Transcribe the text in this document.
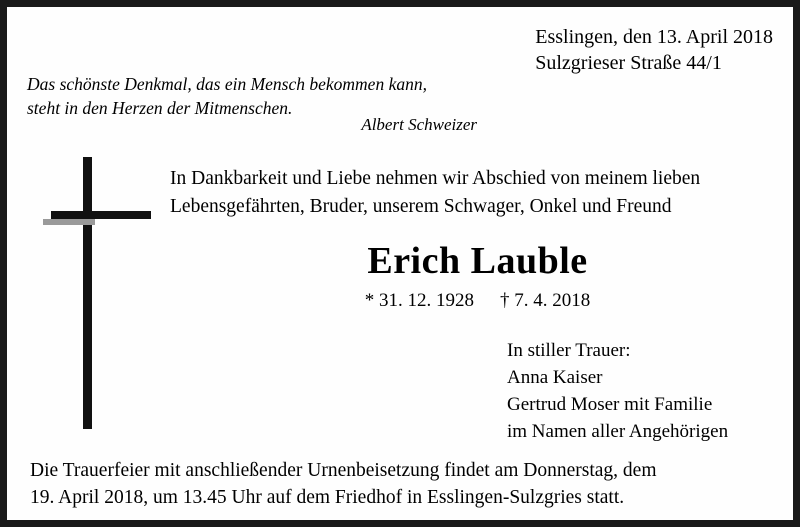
Esslingen, den 13. April 2018
Sulzgrieser Straße 44/1
Das schönste Denkmal, das ein Mensch bekommen kann,
steht in den Herzen der Mitmenschen.
Albert Schweizer
In Dankbarkeit und Liebe nehmen wir Abschied von meinem lieben
Lebensgefährten, Bruder, unserem Schwager, Onkel und Freund
Erich Lauble
* 31. 12. 1928 † 7. 4. 2018
In stiller Trauer:
Anna Kaiser
Gertrud Moser mit Familie
im Namen aller Angehörigen
Die Trauerfeier mit anschließender Urnenbeisetzung findet am Donnerstag, dem
19. April 2018, um 13.45 Uhr auf dem Friedhof in Esslingen-Sulzgries statt.
